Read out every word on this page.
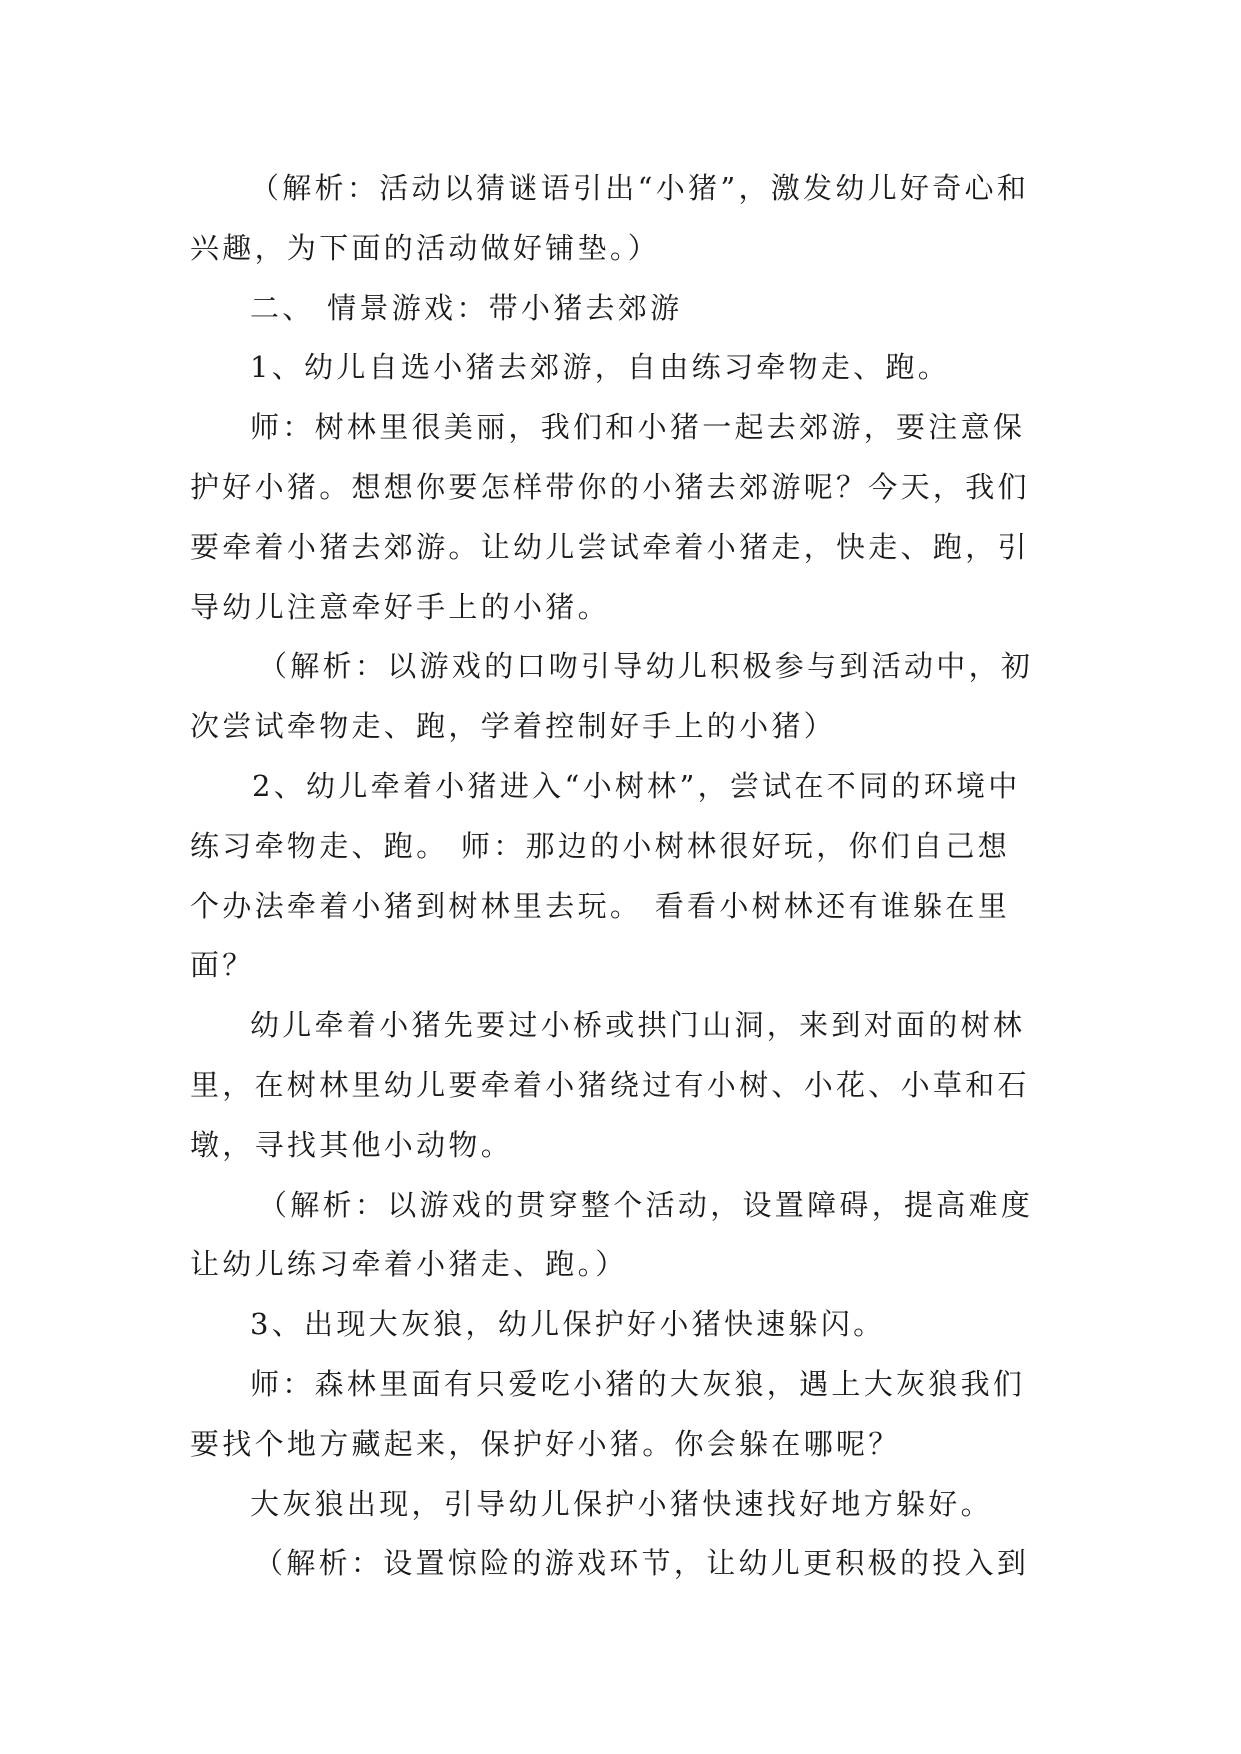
（解析：活动以猜谜语引出“小猪”，激发幼儿好奇心和
兴趣，为下面的活动做好铺垫。）
二、 情景游戏：带小猪去郊游
1、幼儿自选小猪去郊游，自由练习牵物走、跑。
师：树林里很美丽，我们和小猪一起去郊游，要注意保
护好小猪。想想你要怎样带你的小猪去郊游呢？今天，我们
要牵着小猪去郊游。让幼儿尝试牵着小猪走，快走、跑，引
导幼儿注意牵好手上的小猪。
（解析：以游戏的口吻引导幼儿积极参与到活动中，初
次尝试牵物走、跑，学着控制好手上的小猪）
2、幼儿牵着小猪进入“小树林”，尝试在不同的环境中
练习牵物走、跑。 师：那边的小树林很好玩，你们自己想
个办法牵着小猪到树林里去玩。 看看小树林还有谁躲在里
面？
幼儿牵着小猪先要过小桥或拱门山洞，来到对面的树林
里，在树林里幼儿要牵着小猪绕过有小树、小花、小草和石
墩，寻找其他小动物。
（解析：以游戏的贯穿整个活动，设置障碍，提高难度
让幼儿练习牵着小猪走、跑。）
3、出现大灰狼，幼儿保护好小猪快速躲闪。
师：森林里面有只爱吃小猪的大灰狼，遇上大灰狼我们
要找个地方藏起来，保护好小猪。你会躲在哪呢？
大灰狼出现，引导幼儿保护小猪快速找好地方躲好。
（解析：设置惊险的游戏环节，让幼儿更积极的投入到
